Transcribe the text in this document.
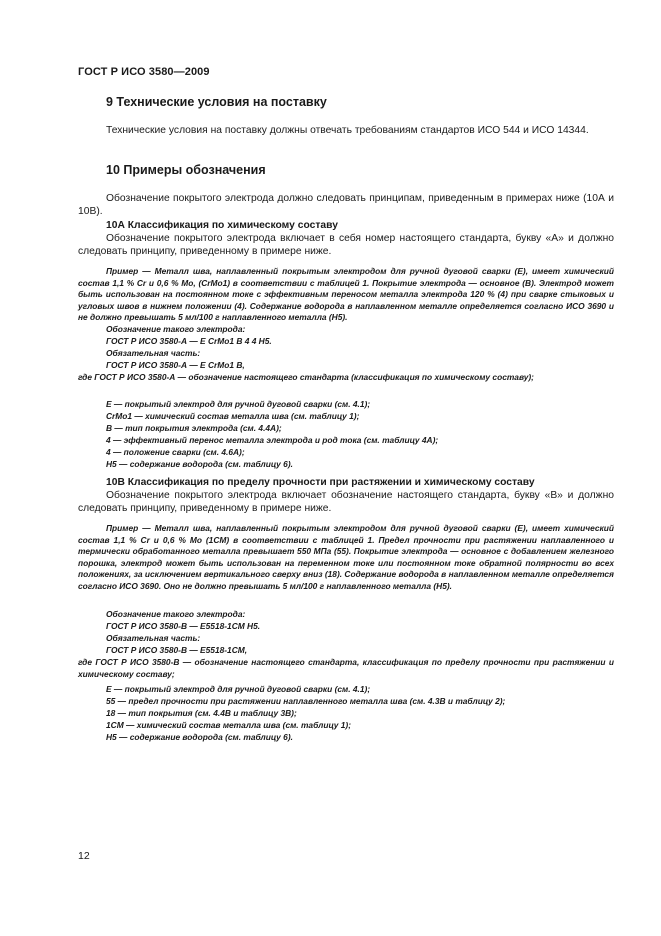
ГОСТ Р ИСО 3580—2009
9 Технические условия на поставку

Технические условия на поставку должны отвечать требованиям стандартов ИСО 544 и ИСО 14344.

10 Примеры обозначения

Обозначение покрытого электрода должно следовать принципам, приведенным в примерах ниже (10А и 10В).

10А Классификация по химическому составу

Обозначение покрытого электрода включает в себя номер настоящего стандарта, букву «А» и должно следовать принципу, приведенному в примере ниже.

Пример — Металл шва, наплавленный покрытым электродом для ручной дуговой сварки (E), имеет химический состав 1,1 % Cr и 0,6 % Mo, (CrMo1) в соответствии с таблицей 1. Покрытие электрода — основное (B). Электрод может быть использован на постоянном токе с эффективным переносом металла электрода 120 % (4) при сварке стыковых и угловых швов в нижнем положении (4). Содержание водорода в наплавленном металле определяется согласно ИСО 3690 и не должно превышать 5 мл/100 г наплавленного металла (H5).

Обозначение такого электрода:
ГОСТ Р ИСО 3580-А — E CrMo1 B 4 4 H5.
Обязательная часть:
ГОСТ Р ИСО 3580-А — E CrMo1 B,

где ГОСТ Р ИСО 3580-А — обозначение настоящего стандарта (классификация по химическому составу);

E — покрытый электрод для ручной дуговой сварки (см. 4.1);
CrMo1 — химический состав металла шва (см. таблицу 1);
B — тип покрытия электрода (см. 4.4A);
4 — эффективный перенос металла электрода и род тока (см. таблицу 4A);
4 — положение сварки (см. 4.6A);
H5 — содержание водорода (см. таблицу 6).
10В Классификация по пределу прочности при растяжении и химическому составу

Обозначение покрытого электрода включает обозначение настоящего стандарта, букву «В» и должно следовать принципу, приведенному в примере ниже.

Пример — Металл шва, наплавленный покрытым электродом для ручной дуговой сварки (E), имеет химический состав 1,1 % Cr и 0,6 % Mo (1CM) в соответствии с таблицей 1. Предел прочности при растяжении наплавленного и термически обработанного металла превышает 550 МПа (55). Покрытие электрода — основное с добавлением железного порошка, электрод может быть использован на переменном токе или постоянном токе обратной полярности во всех положениях, за исключением вертикального сверху вниз (18). Содержание водорода в наплавленном металле определяется согласно ИСО 3690. Оно не должно превышать 5 мл/100 г наплавленного металла (H5).

Обозначение такого электрода:
ГОСТ Р ИСО 3580-В — E5518-1CM H5.
Обязательная часть:
ГОСТ Р ИСО 3580-В — E5518-1CM,

где ГОСТ Р ИСО 3580-В — обозначение настоящего стандарта, классификация по пределу прочности при растяжении и химическому составу;

E — покрытый электрод для ручной дуговой сварки (см. 4.1);
55 — предел прочности при растяжении наплавленного металла шва (см. 4.3B и таблицу 2);
18 — тип покрытия (см. 4.4B и таблицу 3B);
1CM — химический состав металла шва (см. таблицу 1);
H5 — содержание водорода (см. таблицу 6).
12
